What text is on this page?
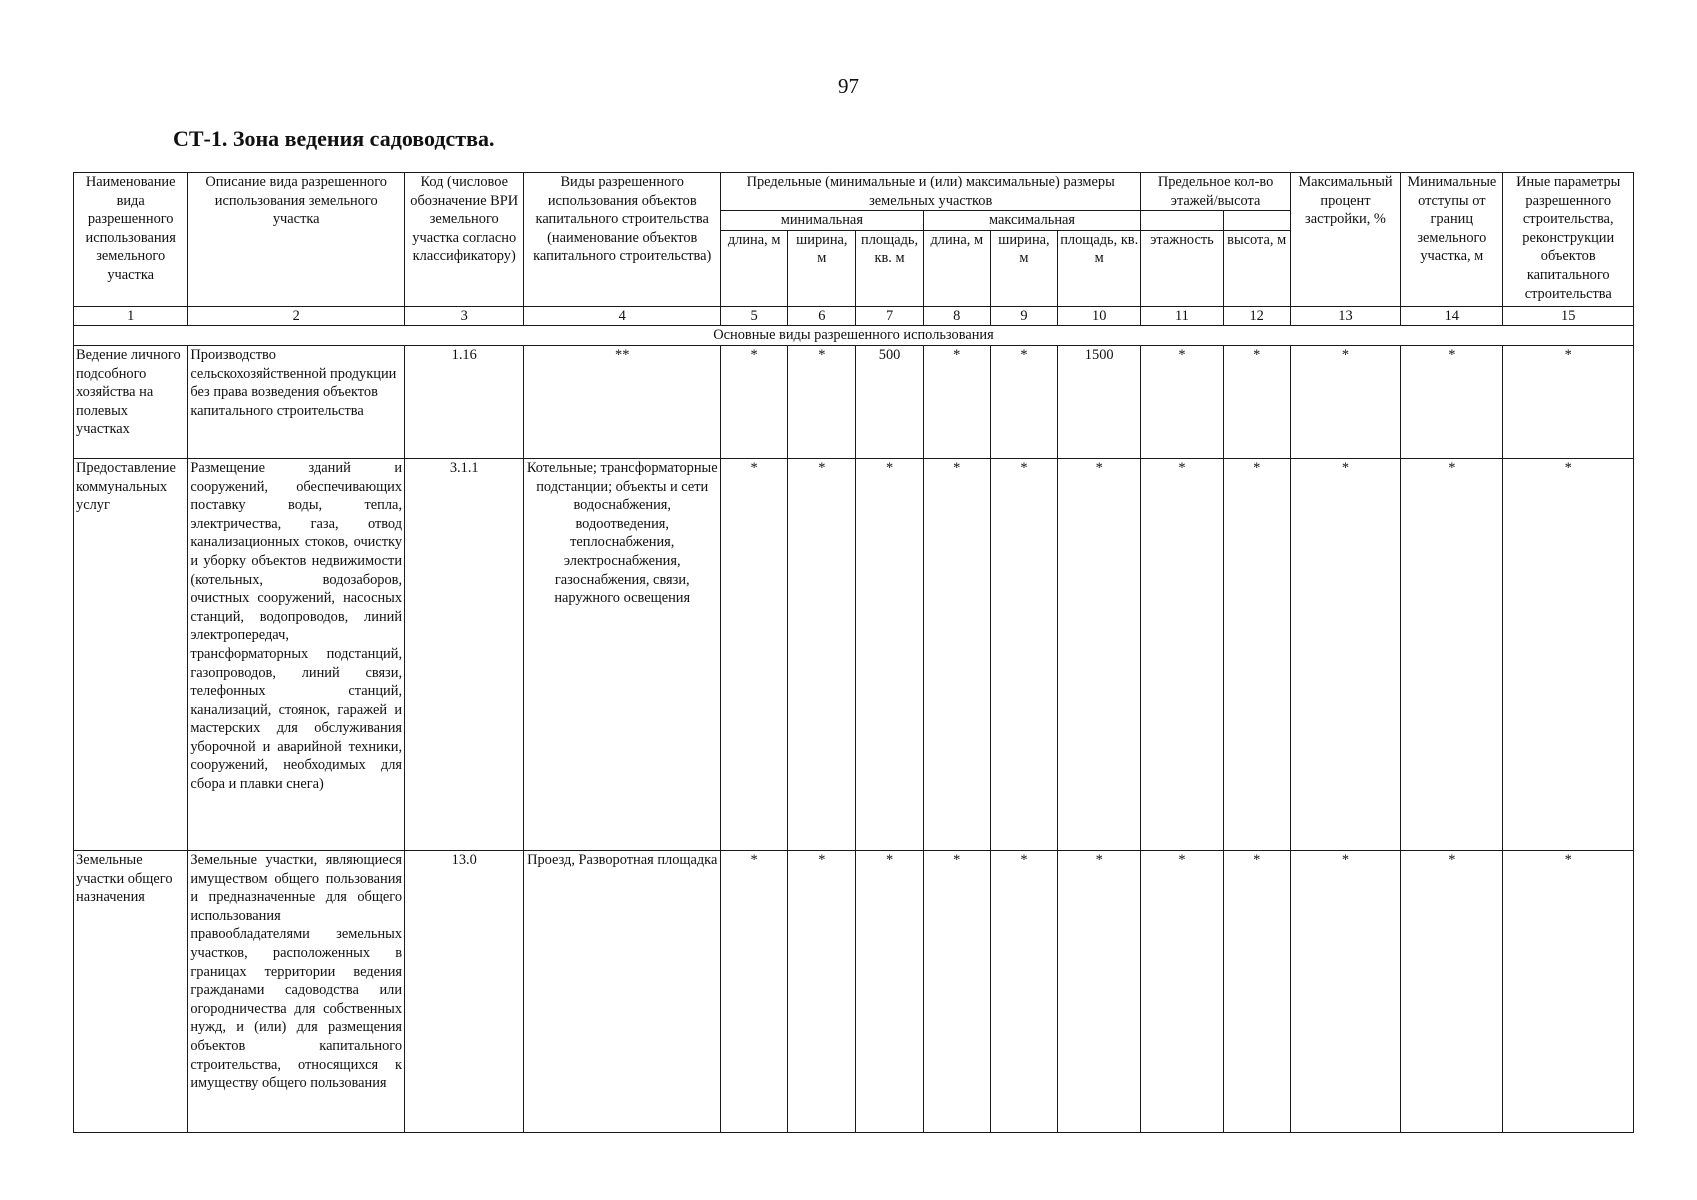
97
СТ-1. Зона ведения садоводства.
Наименование вида разрешенного использования земельного участка	Описание вида разрешенного использования земельного участка	Код (числовое обозначение ВРИ земельного участка согласно классификатору)	Виды разрешенного использования объектов капитального строительства (наименование объектов капитального строительства)	Предельные (минимальные и (или) максимальные) размеры земельных участков						Предельное кол-во этажей/высота		Максимальный процент застройки, %	Минимальные отступы от границ земельного участка, м	Иные параметры разрешенного строительства, реконструкции объектов капитального строительства
				минимальная			максимальная							
				длина, м	ширина, м	площадь, кв. м	длина, м	ширина, м	площадь, кв. м	этажность	высота, м			
1	2	3	4	5	6	7	8	9	10	11	12	13	14	15
Основные виды разрешенного использования														
Ведение личного подсобного хозяйства на полевых участках	Производство сельскохозяйственной продукции без права возведения объектов капитального строительства	1.16	**	*	*	500	*	*	1500	*	*	*	*	*
Предоставление коммунальных услуг	Размещение зданий и сооружений, обеспечивающих поставку воды, тепла, электричества, газа, отвод канализационных стоков, очистку и уборку объектов недвижимости (котельных, водозаборов, очистных сооружений, насосных станций, водопроводов, линий электропередач, трансформаторных подстанций, газопроводов, линий связи, телефонных станций, канализаций, стоянок, гаражей и мастерских для обслуживания уборочной и аварийной техники, сооружений, необходимых для сбора и плавки снега)	3.1.1	Котельные; трансформаторные подстанции; объекты и сети водоснабжения, водоотведения, теплоснабжения, электроснабжения, газоснабжения, связи, наружного освещения	*	*	*	*	*	*	*	*	*	*	*
Земельные участки общего назначения	Земельные участки, являющиеся имуществом общего пользования и предназначенные для общего использования правообладателями земельных участков, расположенных в границах территории ведения гражданами садоводства или огородничества для собственных нужд, и (или) для размещения объектов капитального строительства, относящихся к имуществу общего пользования	13.0	Проезд, Разворотная площадка	*	*	*	*	*	*	*	*	*	*	*
